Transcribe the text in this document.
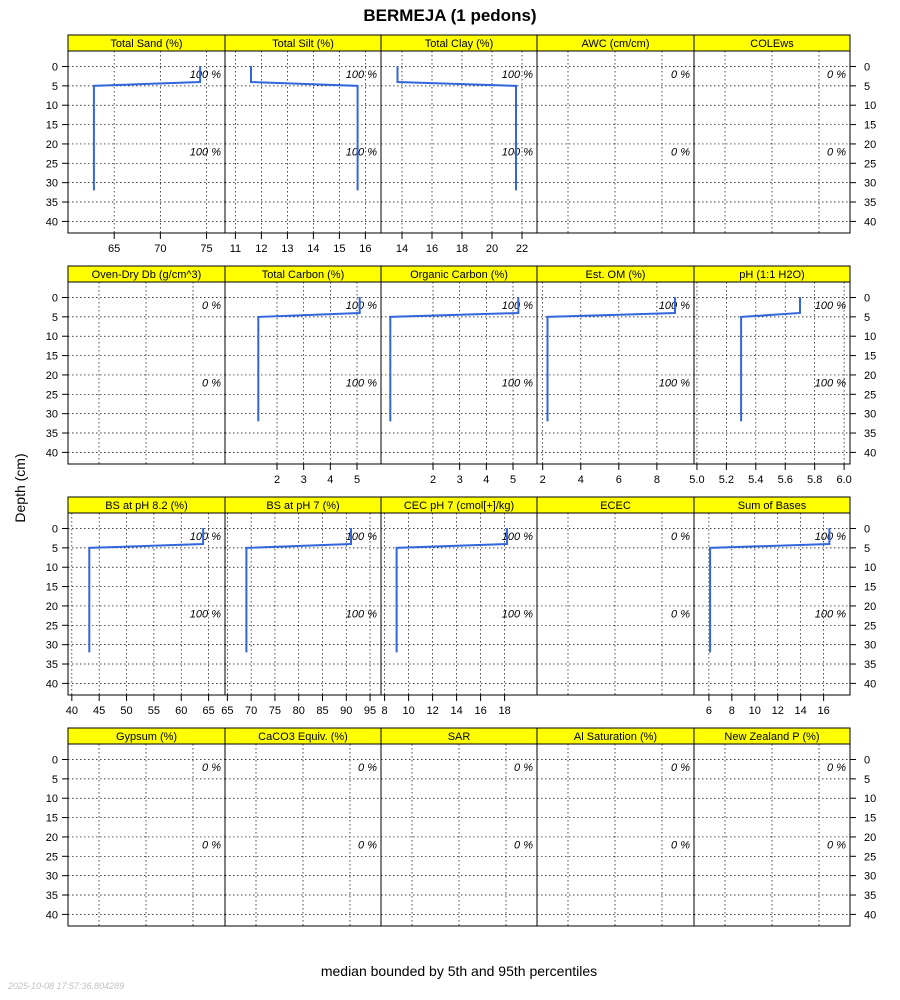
BERMEJA (1 pedons)
Depth (cm)
median bounded by 5th and 95th percentiles
2025-10-08 17:57:36.804289
Total Sand (%)
100 %
100 %
65	70	75
Total Silt (%)
100 %
100 %
11 12 13 14 15 16
Total Clay (%)
100 %
100 %
14 16 18 20 22
AWC (cm/cm)
0 %
0 %
COLEws
0 %
0 %
Oven-Dry Db (g/cm^3)
0 %
0 %
Total Carbon (%)
100 %
100 %
2 3 4 5
Organic Carbon (%)
100 %
100 %
2 3 4 5
Est. OM (%)
100 %
100 %
2	4	6	8
pH (1:1 H2O)
100 %
100 %
5.0 5.2 5.4 5.6 5.8 6.0
BS at pH 8.2 (%)
100 %
100 %
40 45 50 55 60 65
BS at pH 7 (%)
100 %
100 %
65 70 75 80 85 90 95
CEC pH 7 (cmol[+]/kg)
100 %
100 %
8 10 12 14 16 18
ECEC
0 %
0 %
Sum of Bases
100 %
100 %
6 8 10 12 14 16
Gypsum (%)
0 %
0 %
CaCO3 Equiv. (%)
0 %
0 %
SAR
0 %
0 %
Al Saturation (%)
0 %
0 %
New Zealand P (%)
0 %
0 %
0	0
5	5
10	10
15	15
20	20
25	25
30	30
35	35
40	40
0	0
5	5
10	10
15	15
20	20
25	25
30	30
35	35
40	40
0	0
5	5
10	10
15	15
20	20
25	25
30	30
35	35
40	40
0	0
5	5
10	10
15	15
20	20
25	25
30	30
35	35
40	40
